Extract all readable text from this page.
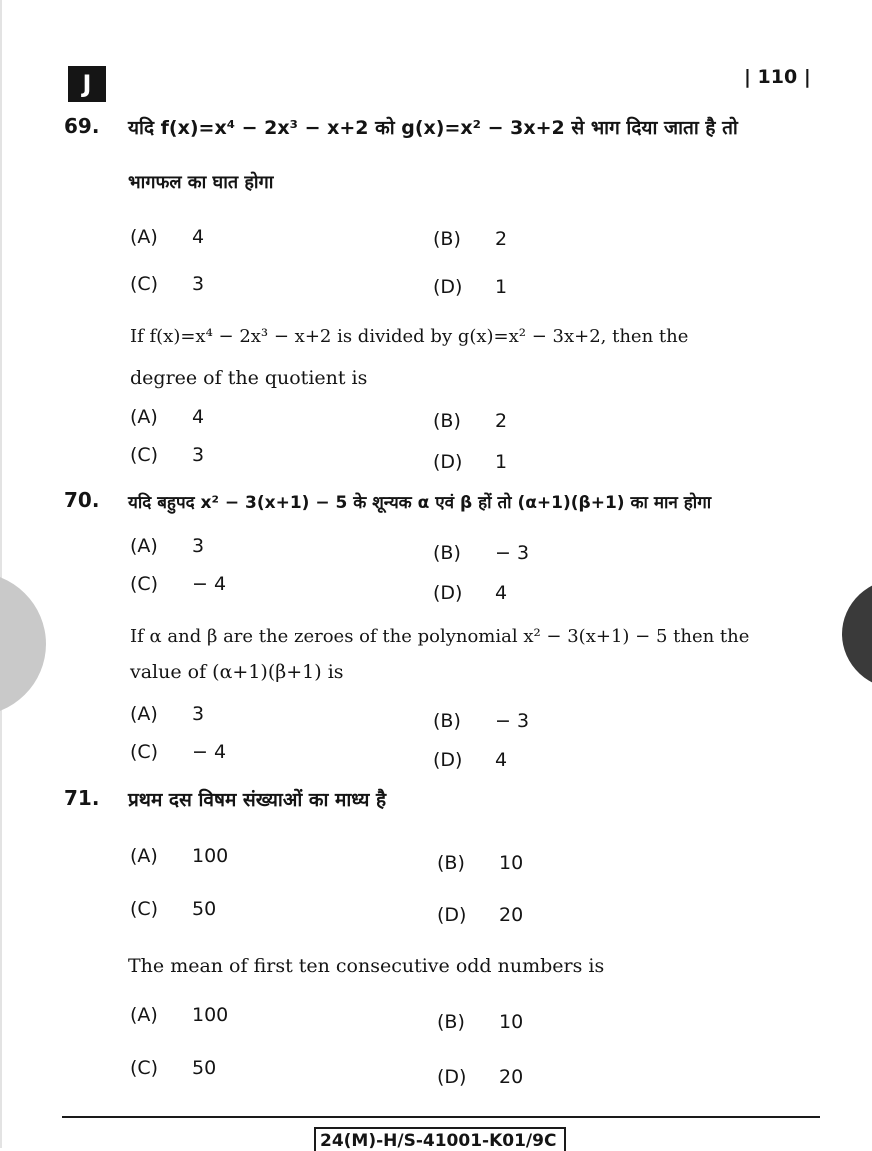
J	| 110 |
69. यदि f(x)=x⁴ − 2x³ − x+2 को g(x)=x² − 3x+2 से भाग दिया जाता है तो
भागफल का घात होगा
(A) 4	(B) 2
(C) 3	(D) 1
If f(x)=x⁴ − 2x³ − x+2 is divided by g(x)=x² − 3x+2, then the
degree of the quotient is
(A) 4	(B) 2
(C) 3	(D) 1
70. यदि बहुपद x² − 3(x+1) − 5 के शून्यक α एवं β हों तो (α+1)(β+1) का मान होगा
(A) 3	(B) − 3
(C) − 4	(D) 4
If α and β are the zeroes of the polynomial x² − 3(x+1) − 5 then the
value of (α+1)(β+1) is
(A) 3	(B) − 3
(C) − 4	(D) 4
71. प्रथम दस विषम संख्याओं का माध्य है
(A) 100	(B) 10
(C) 50	(D) 20
The mean of first ten consecutive odd numbers is
(A) 100	(B) 10
(C) 50	(D) 20
24(M)-H/S-41001-K01/9C
